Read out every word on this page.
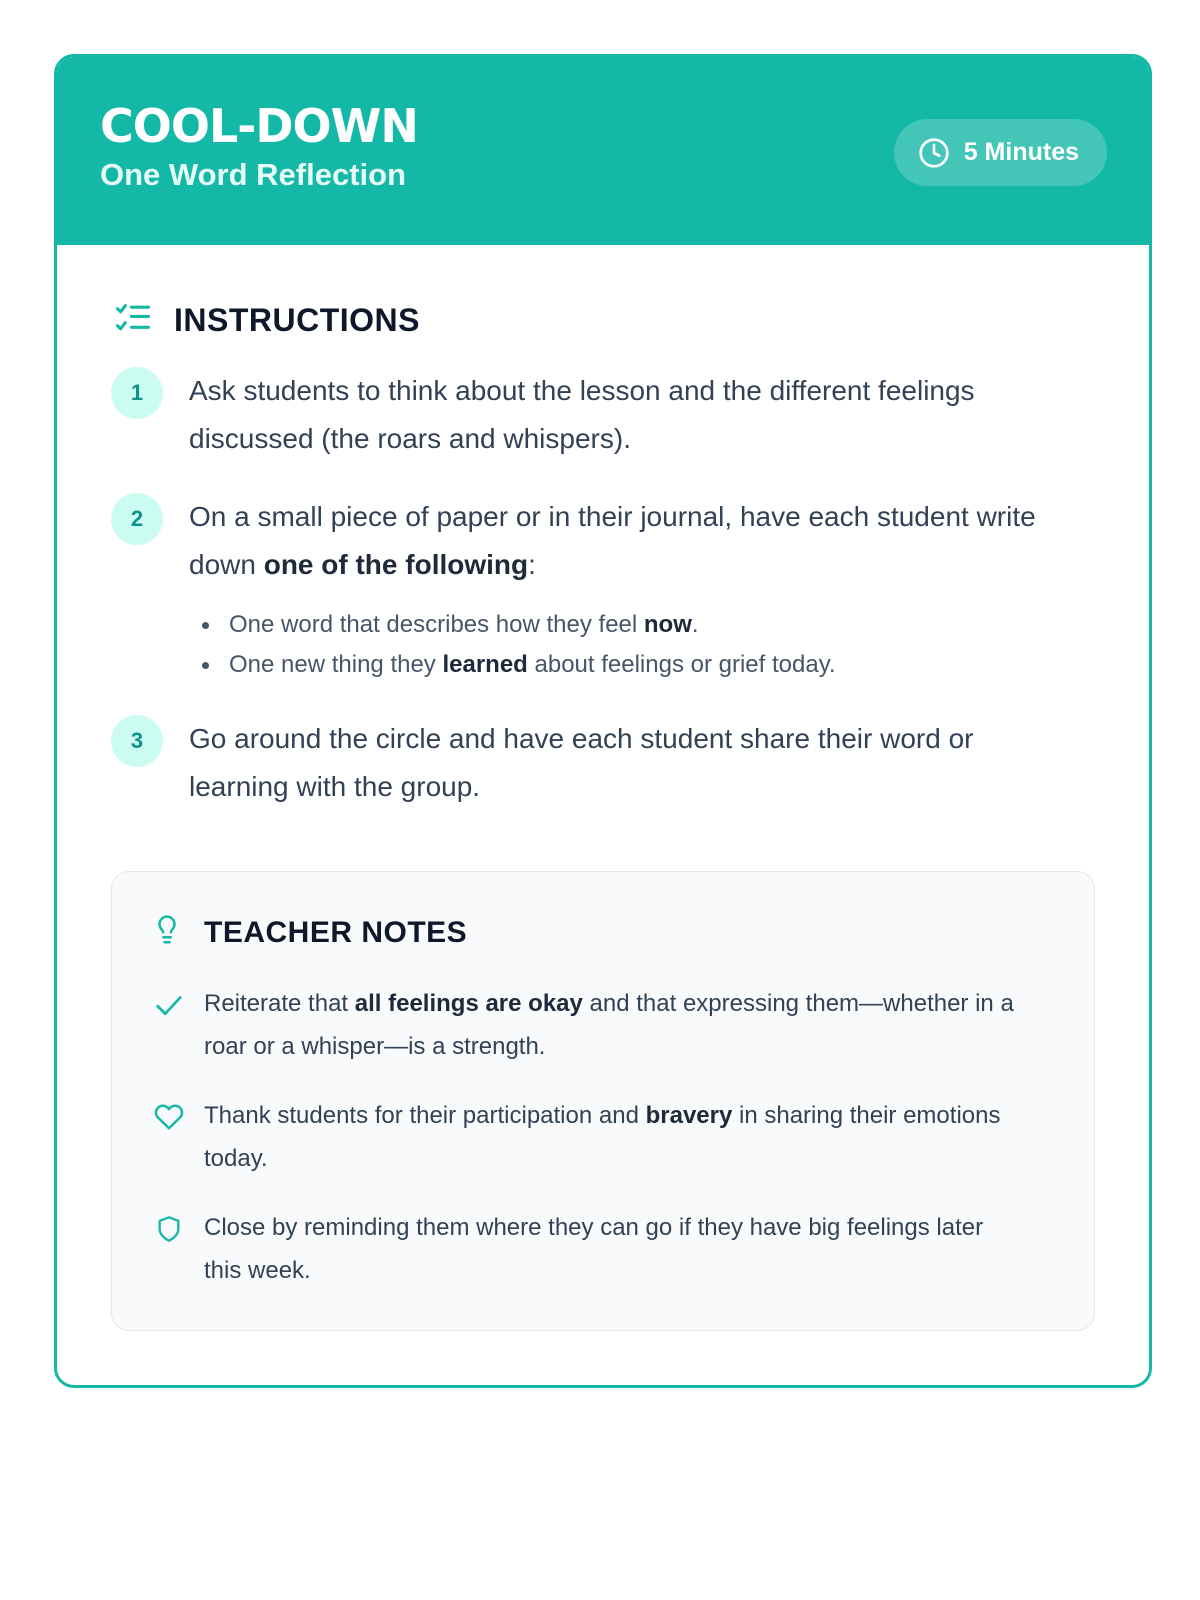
COOL-DOWN
One Word Reflection
5 Minutes
INSTRUCTIONS
1	Ask students to think about the lesson and the different feelings discussed (the roars and whispers).
2	On a small piece of paper or in their journal, have each student write down one of the following:
One word that describes how they feel now.
One new thing they learned about feelings or grief today.
3	Go around the circle and have each student share their word or learning with the group.
TEACHER NOTES
Reiterate that all feelings are okay and that expressing them—whether in a roar or a whisper—is a strength.
Thank students for their participation and bravery in sharing their emotions today.
Close by reminding them where they can go if they have big feelings later this week.
